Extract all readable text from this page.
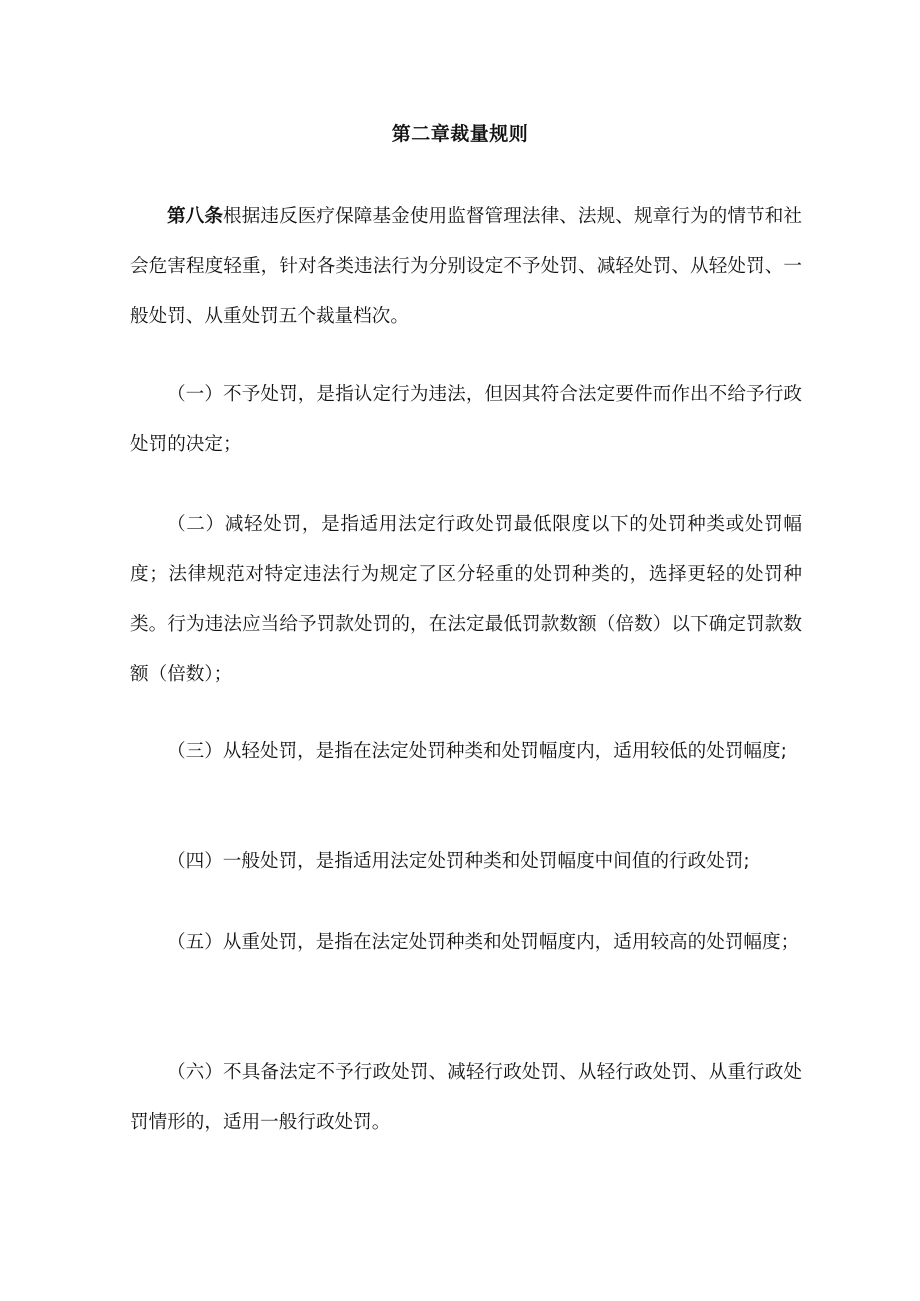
第二章裁量规则

第八条根据违反医疗保障基金使用监督管理法律、法规、规章行为的情节和社会危害程度轻重，针对各类违法行为分别设定不予处罚、减轻处罚、从轻处罚、一般处罚、从重处罚五个裁量档次。

（一）不予处罚，是指认定行为违法，但因其符合法定要件而作出不给予行政处罚的决定；

（二）减轻处罚，是指适用法定行政处罚最低限度以下的处罚种类或处罚幅度；法律规范对特定违法行为规定了区分轻重的处罚种类的，选择更轻的处罚种类。行为违法应当给予罚款处罚的，在法定最低罚款数额（倍数）以下确定罚款数额（倍数）；

（三）从轻处罚，是指在法定处罚种类和处罚幅度内，适用较低的处罚幅度;

（四）一般处罚，是指适用法定处罚种类和处罚幅度中间值的行政处罚;

（五）从重处罚，是指在法定处罚种类和处罚幅度内，适用较高的处罚幅度；

（六）不具备法定不予行政处罚、减轻行政处罚、从轻行政处罚、从重行政处罚情形的，适用一般行政处罚。
